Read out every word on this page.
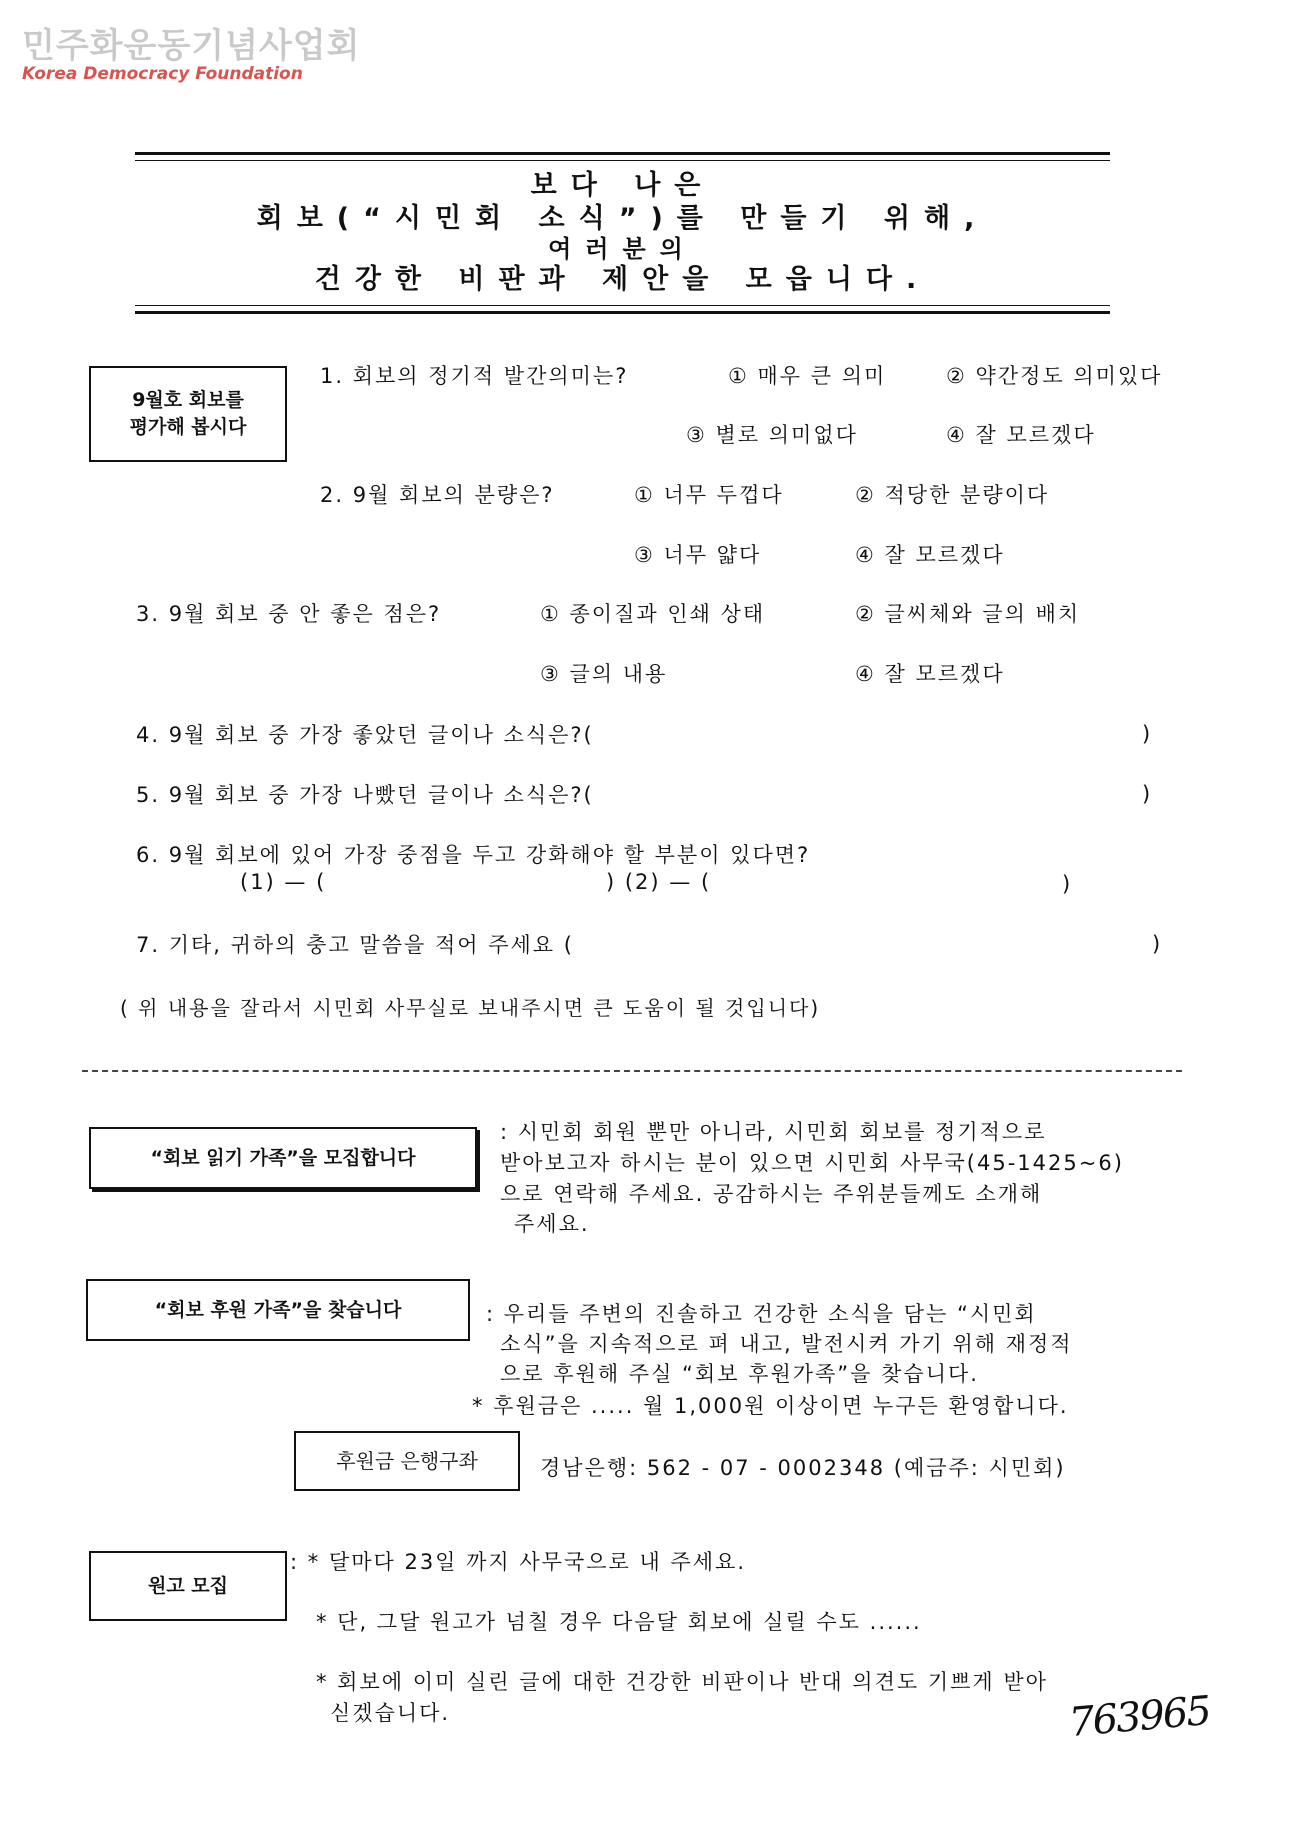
민주화운동기념사업회
Korea Democracy Foundation
보다 나은
회보(“시민회 소식”)를 만들기 위해,
여러분의
건강한 비판과 제안을 모읍니다.
9월호 회보를
평가해 봅시다
1. 회보의 정기적 발간의미는?	① 매우 큰 의미	② 약간정도 의미있다
③ 별로 의미없다	④ 잘 모르겠다
2. 9월 회보의 분량은?	① 너무 두껍다	② 적당한 분량이다
③ 너무 얇다	④ 잘 모르겠다
3. 9월 회보 중 안 좋은 점은?	① 종이질과 인쇄 상태	② 글씨체와 글의 배치
③ 글의 내용	④ 잘 모르겠다
4. 9월 회보 중 가장 좋았던 글이나 소식은?(	)
5. 9월 회보 중 가장 나빴던 글이나 소식은?(	)
6. 9월 회보에 있어 가장 중점을 두고 강화해야 할 부분이 있다면?
(1) — (	) (2) — (	)
7. 기타, 귀하의 충고 말씀을 적어 주세요 (	)
( 위 내용을 잘라서 시민회 사무실로 보내주시면 큰 도움이 될 것입니다)
“회보 읽기 가족”을 모집합니다
: 시민회 회원 뿐만 아니라, 시민회 회보를 정기적으로
받아보고자 하시는 분이 있으면 시민회 사무국(45-1425~6)
으로 연락해 주세요. 공감하시는 주위분들께도 소개해
주세요.
“회보 후원 가족”을 찾습니다	: 우리들 주변의 진솔하고 건강한 소식을 담는 “시민회
소식”을 지속적으로 펴 내고, 발전시켜 가기 위해 재정적
으로 후원해 주실 “회보 후원가족”을 찾습니다.
* 후원금은 ..... 월 1,000원 이상이면 누구든 환영합니다.
후원금 은행구좌	경남은행: 562 - 07 - 0002348 (예금주: 시민회)
원고 모집
: * 달마다 23일 까지 사무국으로 내 주세요.
* 단, 그달 원고가 넘칠 경우 다음달 회보에 실릴 수도 ......
* 회보에 이미 실린 글에 대한 건강한 비판이나 반대 의견도 기쁘게 받아
싣겠습니다.	763965
